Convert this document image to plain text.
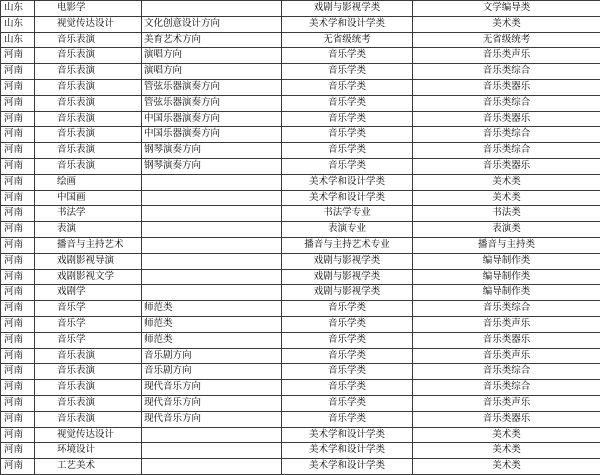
山东	电影学		戏剧与影视学类	文学编导类
山东	视觉传达设计	文化创意设计方向	美术学和设计学类	美术类
山东	音乐表演	美育艺术方向	无省级统考	无省级统考
河南	音乐表演	演唱方向	音乐学类	音乐类声乐
河南	音乐表演	演唱方向	音乐学类	音乐类综合
河南	音乐表演	管弦乐器演奏方向	音乐学类	音乐类器乐
河南	音乐表演	管弦乐器演奏方向	音乐学类	音乐类综合
河南	音乐表演	中国乐器演奏方向	音乐学类	音乐类器乐
河南	音乐表演	中国乐器演奏方向	音乐学类	音乐类综合
河南	音乐表演	钢琴演奏方向	音乐学类	音乐类综合
河南	音乐表演	钢琴演奏方向	音乐学类	音乐类器乐
河南	绘画		美术学和设计学类	美术类
河南	中国画		美术学和设计学类	美术类
河南	书法学		书法学专业	书法类
河南	表演		表演专业	表演类
河南	播音与主持艺术		播音与主持艺术专业	播音与主持类
河南	戏剧影视导演		戏剧与影视学类	编导制作类
河南	戏剧影视文学		戏剧与影视学类	编导制作类
河南	戏剧学		戏剧与影视学类	编导制作类
河南	音乐学	师范类	音乐学类	音乐类综合
河南	音乐学	师范类	音乐学类	音乐类声乐
河南	音乐学	师范类	音乐学类	音乐类器乐
河南	音乐表演	音乐剧方向	音乐学类	音乐类声乐
河南	音乐表演	音乐剧方向	音乐学类	音乐类综合
河南	音乐表演	现代音乐方向	音乐学类	音乐类综合
河南	音乐表演	现代音乐方向	音乐学类	音乐类声乐
河南	音乐表演	现代音乐方向	音乐学类	音乐类器乐
河南	视觉传达设计		美术学和设计学类	美术类
河南	环境设计		美术学和设计学类	美术类
河南	工艺美术		美术学和设计学类	美术类
